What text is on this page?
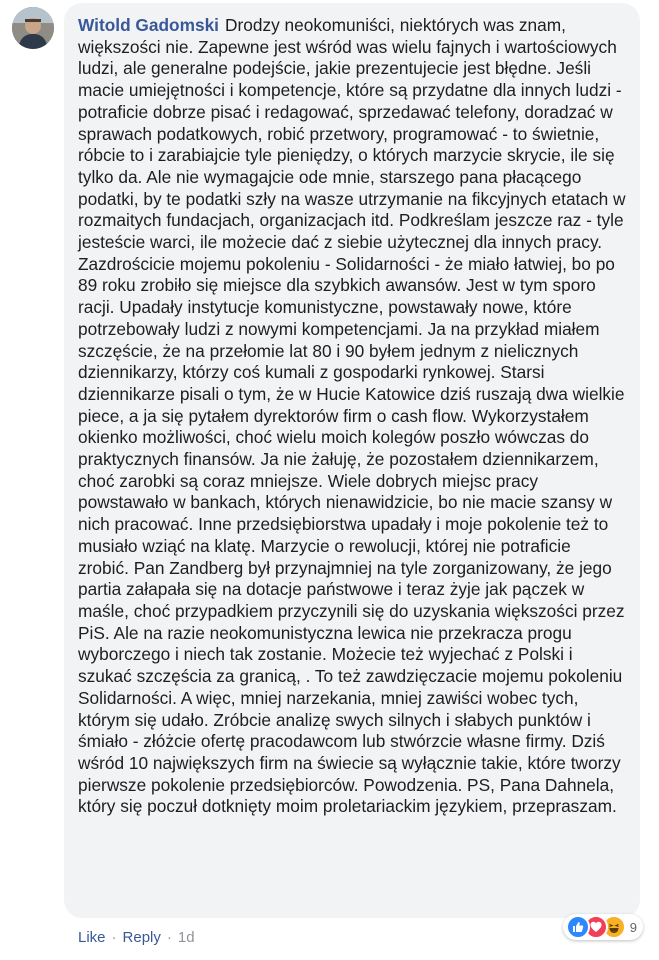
Witold Gadomski Drodzy neokomuniści, niektórych was znam, większości nie. Zapewne jest wśród was wielu fajnych i wartościowych ludzi, ale generalne podejście, jakie prezentujecie jest błędne. Jeśli macie umiejętności i kompetencje, które są przydatne dla innych ludzi - potraficie dobrze pisać i redagować, sprzedawać telefony, doradzać w sprawach podatkowych, robić przetwory, programować - to świetnie, róbcie to i zarabiajcie tyle pieniędzy, o których marzycie skrycie, ile się tylko da. Ale nie wymagajcie ode mnie, starszego pana płacącego podatki, by te podatki szły na wasze utrzymanie na fikcyjnych etatach w rozmaitych fundacjach, organizacjach itd. Podkreślam jeszcze raz - tyle jesteście warci, ile możecie dać z siebie użytecznej dla innych pracy. Zazdrościcie mojemu pokoleniu - Solidarności - że miało łatwiej, bo po 89 roku zrobiło się miejsce dla szybkich awansów. Jest w tym sporo racji. Upadały instytucje komunistyczne, powstawały nowe, które potrzebowały ludzi z nowymi kompetencjami. Ja na przykład miałem szczęście, że na przełomie lat 80 i 90 byłem jednym z nielicznych dziennikarzy, którzy coś kumali z gospodarki rynkowej. Starsi dziennikarze pisali o tym, że w Hucie Katowice dziś ruszają dwa wielkie piece, a ja się pytałem dyrektorów firm o cash flow. Wykorzystałem okienko możliwości, choć wielu moich kolegów poszło wówczas do praktycznych finansów. Ja nie żałuję, że pozostałem dziennikarzem, choć zarobki są coraz mniejsze. Wiele dobrych miejsc pracy powstawało w bankach, których nienawidzicie, bo nie macie szansy w nich pracować. Inne przedsiębiorstwa upadały i moje pokolenie też to musiało wziąć na klatę. Marzycie o rewolucji, której nie potraficie zrobić. Pan Zandberg był przynajmniej na tyle zorganizowany, że jego partia załapała się na dotacje państwowe i teraz żyje jak pączek w maśle, choć przypadkiem przyczynili się do uzyskania większości przez PiS. Ale na razie neokomunistyczna lewica nie przekracza progu wyborczego i niech tak zostanie. Możecie też wyjechać z Polski i szukać szczęścia za granicą, . To też zawdzięczacie mojemu pokoleniu Solidarności. A więc, mniej narzekania, mniej zawiści wobec tych, którym się udało. Zróbcie analizę swych silnych i słabych punktów i śmiało - złóżcie ofertę pracodawcom lub stwórzcie własne firmy. Dziś wśród 10 największych firm na świecie są wyłącznie takie, które tworzy pierwsze pokolenie przedsiębiorców. Powodzenia. PS, Pana Dahnela, który się poczuł dotknięty moim proletariackim językiem, przepraszam.

9
Like · Reply · 1d
